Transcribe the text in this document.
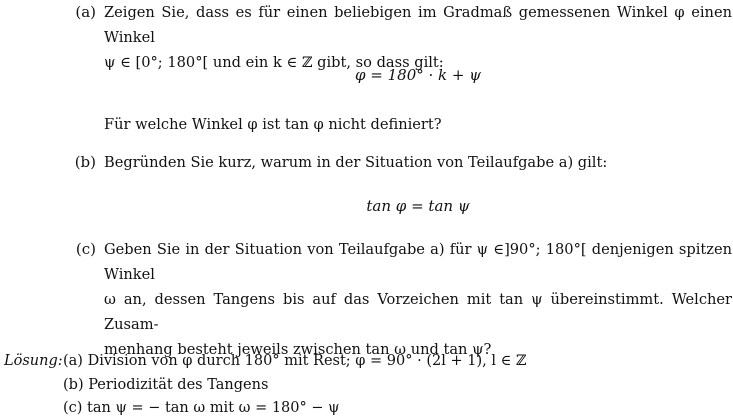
(a) Zeigen Sie, dass es für einen beliebigen im Gradmaß gemessenen Winkel φ einen Winkel

ψ ∈ [0°; 180°[ und ein k ∈ ℤ gibt, so dass gilt:

φ = 180° · k + ψ
Für welche Winkel φ ist tan φ nicht definiert?
(b) Begründen Sie kurz, warum in der Situation von Teilaufgabe a) gilt:
tan φ = tan ψ
(c) Geben Sie in der Situation von Teilaufgabe a) für ψ ∈]90°; 180°[ denjenigen spitzen Winkel

ω an, dessen Tangens bis auf das Vorzeichen mit tan ψ übereinstimmt. Welcher Zusam-

menhang besteht jeweils zwischen tan ω und tan ψ?

Lösung: (a) Division von φ durch 180° mit Rest; φ = 90° · (2l + 1), l ∈ ℤ
(b) Periodizität des Tangens
(c) tan ψ = − tan ω mit ω = 180° − ψ
